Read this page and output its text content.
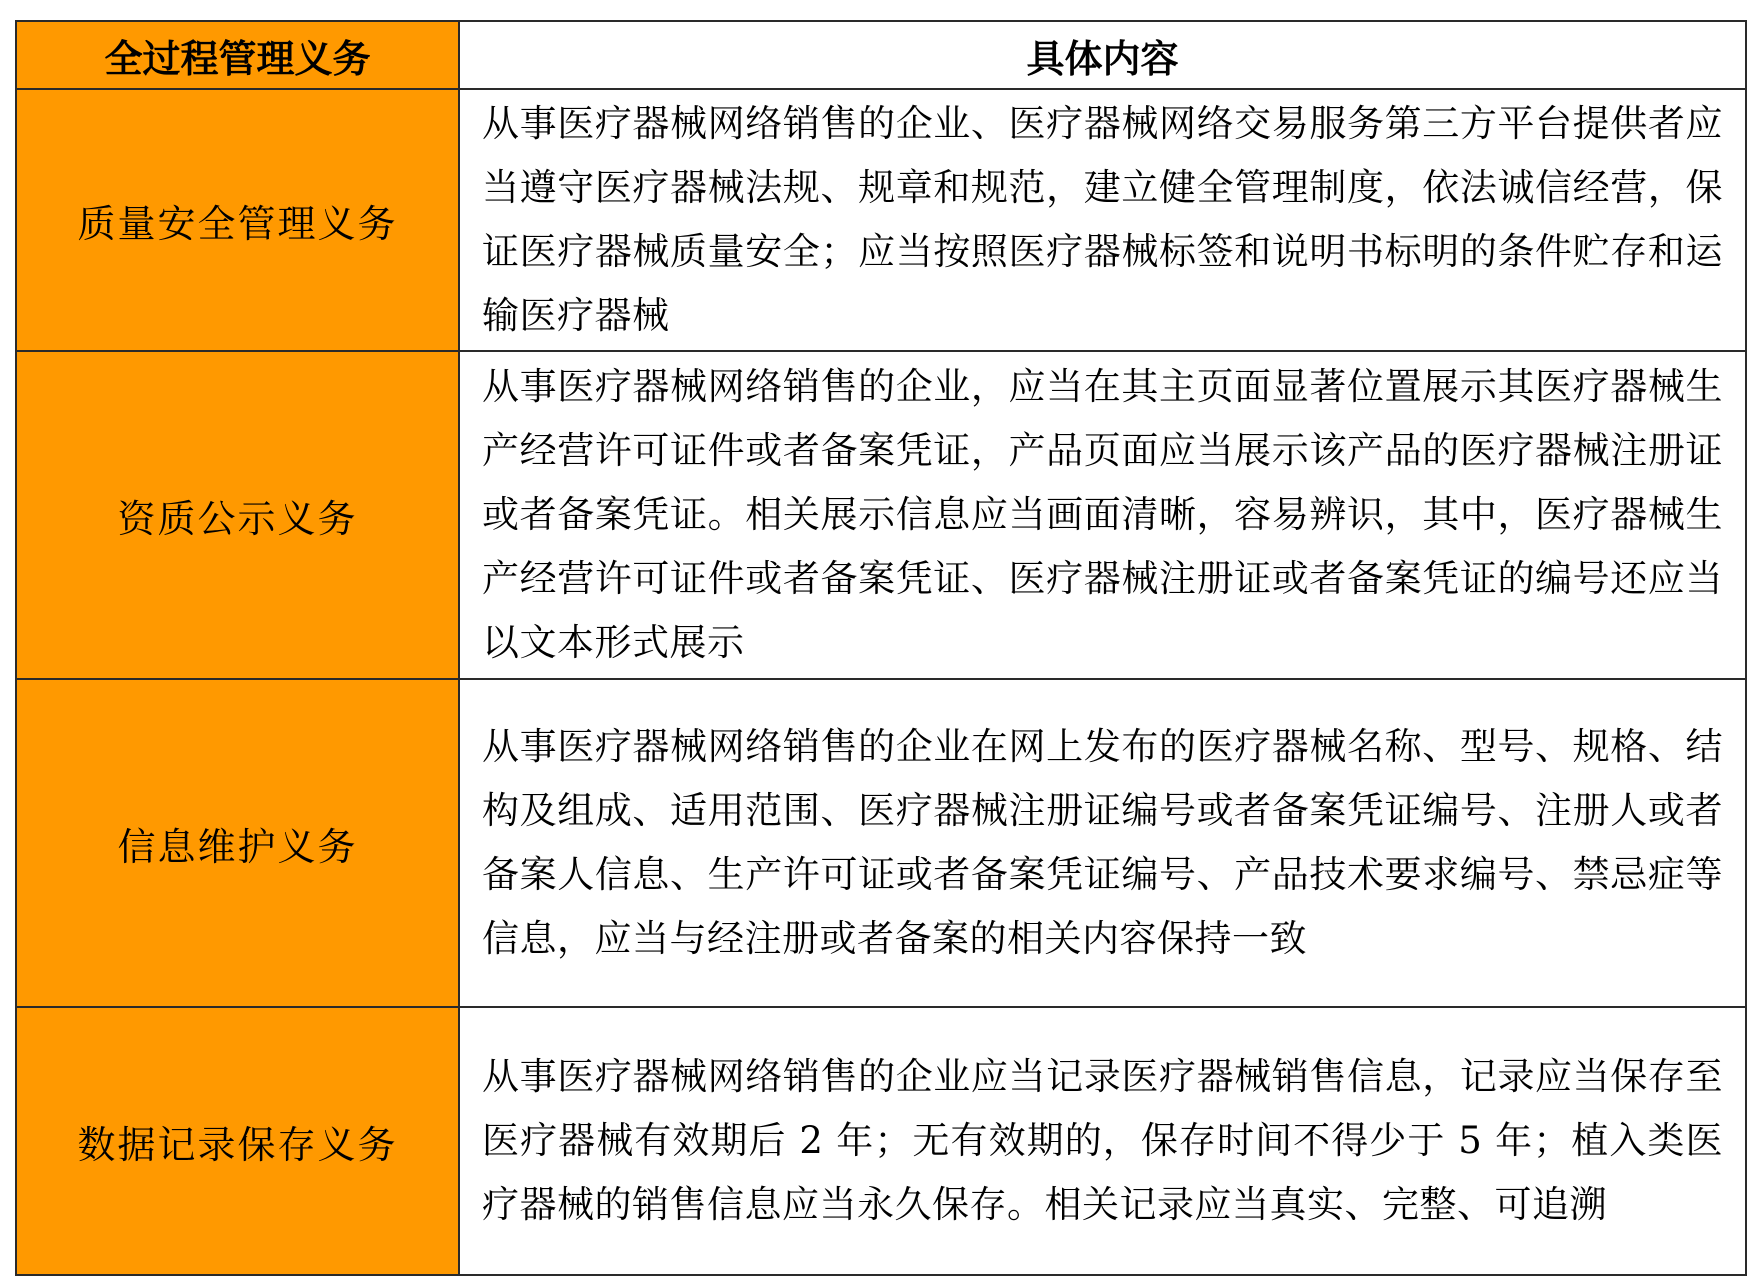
全过程管理义务	具体内容
质量安全管理义务	从事医疗器械网络销售的企业、医疗器械网络交易服务第三方平台提供者应当遵守医疗器械法规、规章和规范，建立健全管理制度，依法诚信经营，保证医疗器械质量安全；应当按照医疗器械标签和说明书标明的条件贮存和运输医疗器械
资质公示义务	从事医疗器械网络销售的企业，应当在其主页面显著位置展示其医疗器械生产经营许可证件或者备案凭证，产品页面应当展示该产品的医疗器械注册证或者备案凭证。相关展示信息应当画面清晰，容易辨识，其中，医疗器械生产经营许可证件或者备案凭证、医疗器械注册证或者备案凭证的编号还应当以文本形式展示
信息维护义务	从事医疗器械网络销售的企业在网上发布的医疗器械名称、型号、规格、结构及组成、适用范围、医疗器械注册证编号或者备案凭证编号、注册人或者备案人信息、生产许可证或者备案凭证编号、产品技术要求编号、禁忌症等信息，应当与经注册或者备案的相关内容保持一致
数据记录保存义务	从事医疗器械网络销售的企业应当记录医疗器械销售信息，记录应当保存至医疗器械有效期后 2 年；无有效期的，保存时间不得少于 5 年；植入类医疗器械的销售信息应当永久保存。相关记录应当真实、完整、可追溯
